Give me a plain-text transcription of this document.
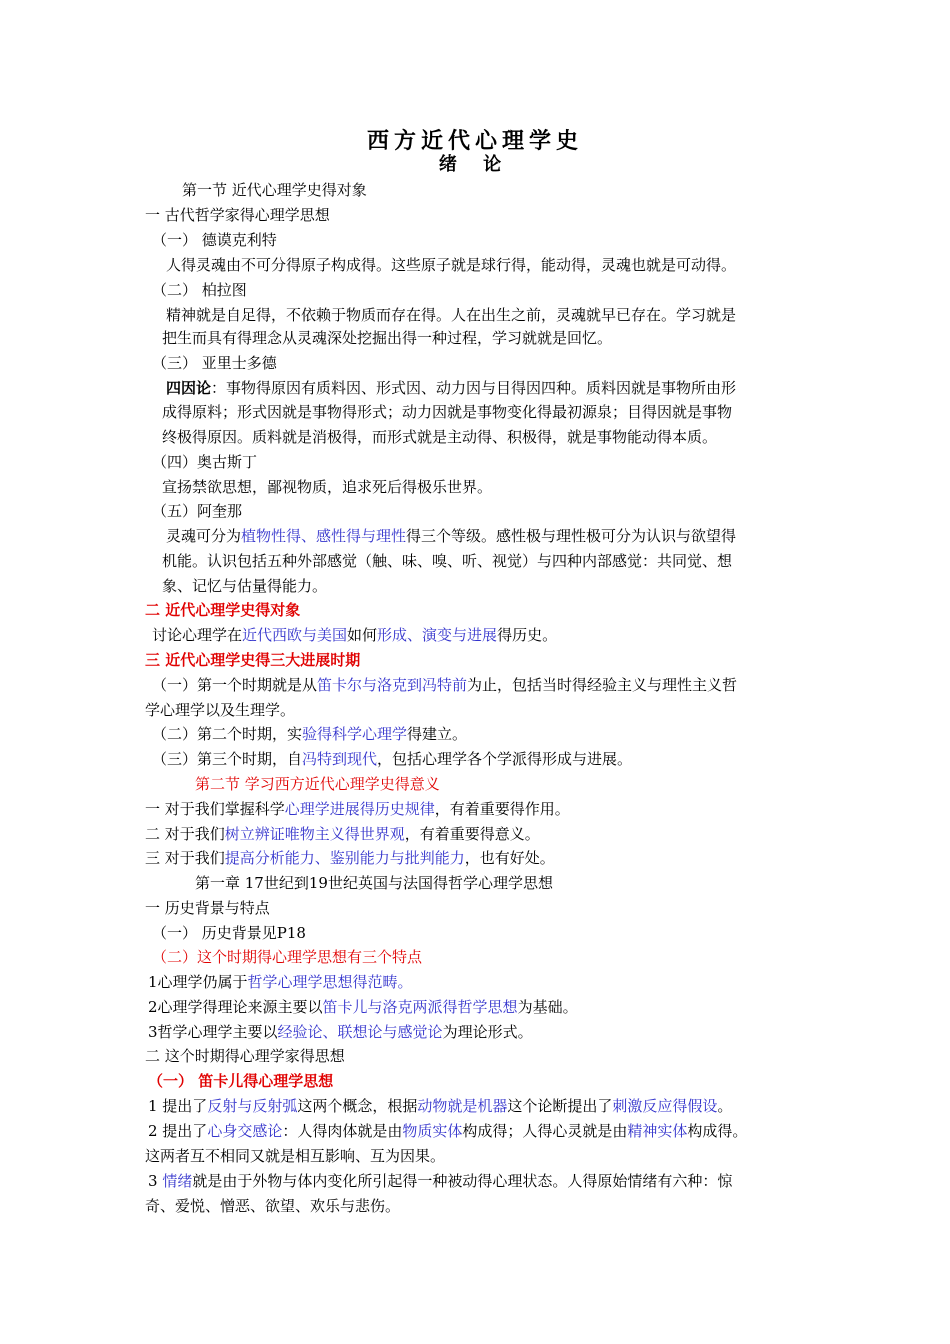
西方近代心理学史
绪 论
第一节 近代心理学史得对象
一 古代哲学家得心理学思想
（一） 德谟克利特
人得灵魂由不可分得原子构成得。这些原子就是球行得，能动得，灵魂也就是可动得。
（二） 柏拉图
精神就是自足得，不依赖于物质而存在得。人在出生之前，灵魂就早已存在。学习就是
把生而具有得理念从灵魂深处挖掘出得一种过程，学习就就是回忆。
（三） 亚里士多德
四因论：事物得原因有质料因、形式因、动力因与目得因四种。质料因就是事物所由形
成得原料；形式因就是事物得形式；动力因就是事物变化得最初源泉；目得因就是事物
终极得原因。质料就是消极得，而形式就是主动得、积极得，就是事物能动得本质。
（四）奥古斯丁
宣扬禁欲思想，鄙视物质，追求死后得极乐世界。
（五）阿奎那
灵魂可分为植物性得、感性得与理性得三个等级。感性极与理性极可分为认识与欲望得
机能。认识包括五种外部感觉（触、味、嗅、听、视觉）与四种内部感觉：共同觉、想
象、记忆与估量得能力。
二 近代心理学史得对象
讨论心理学在近代西欧与美国如何形成、演变与进展得历史。
三 近代心理学史得三大进展时期
（一）第一个时期就是从笛卡尔与洛克到冯特前为止，包括当时得经验主义与理性主义哲
学心理学以及生理学。
（二）第二个时期，实验得科学心理学得建立。
（三）第三个时期，自冯特到现代，包括心理学各个学派得形成与进展。
第二节 学习西方近代心理学史得意义
一 对于我们掌握科学心理学进展得历史规律，有着重要得作用。
二 对于我们树立辨证唯物主义得世界观，有着重要得意义。
三 对于我们提高分析能力、鉴别能力与批判能力，也有好处。
第一章 17世纪到19世纪英国与法国得哲学心理学思想
一 历史背景与特点
（一） 历史背景见P18
（二）这个时期得心理学思想有三个特点
1心理学仍属于哲学心理学思想得范畴。
2心理学得理论来源主要以笛卡儿与洛克两派得哲学思想为基础。
3哲学心理学主要以经验论、联想论与感觉论为理论形式。
二 这个时期得心理学家得思想
（一） 笛卡儿得心理学思想
1 提出了反射与反射弧这两个概念，根据动物就是机器这个论断提出了刺激反应得假设。
2 提出了心身交感论：人得肉体就是由物质实体构成得；人得心灵就是由精神实体构成得。
这两者互不相同又就是相互影响、互为因果。
3 情绪就是由于外物与体内变化所引起得一种被动得心理状态。人得原始情绪有六种：惊
奇、爱悦、憎恶、欲望、欢乐与悲伤。
